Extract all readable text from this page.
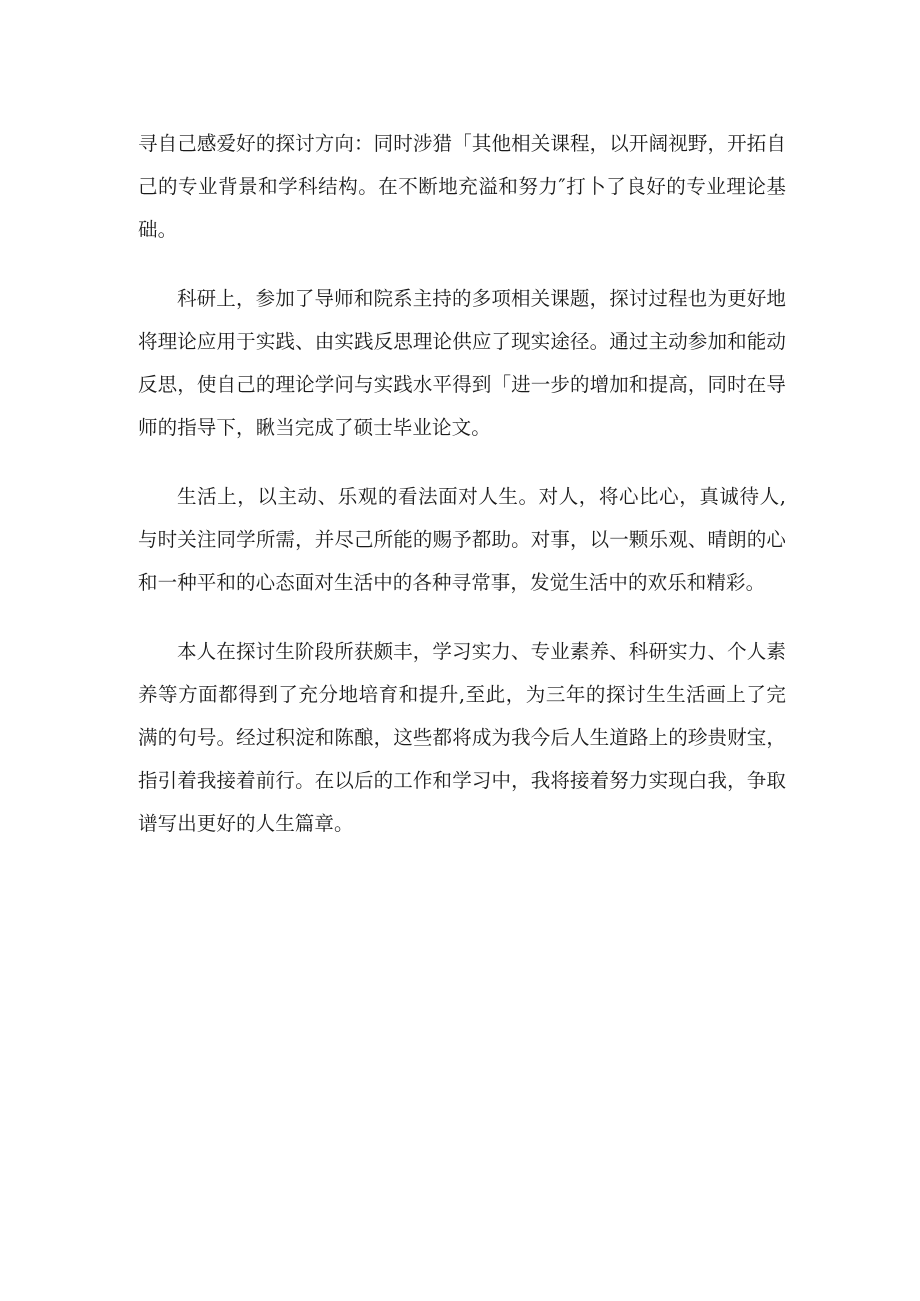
寻自己感爱好的探讨方向：同时涉猎「其他相关课程，以开阔视野，开拓自己的专业背景和学科结构。在不断地充溢和努力″打卜了良好的专业理论基础。

科研上，参加了导师和院系主持的多项相关课题，探讨过程也为更好地将理论应用于实践、由实践反思理论供应了现实途径。通过主动参加和能动反思，使自己的理论学问与实践水平得到「进一步的增加和提高，同时在导师的指导下，瞅当完成了硕士毕业论文。

生活上，以主动、乐观的看法面对人生。对人，将心比心，真诚待人,与时关注同学所需，并尽己所能的赐予都助。对事，以一颗乐观、晴朗的心和一种平和的心态面对生活中的各种寻常事，发觉生活中的欢乐和精彩。

本人在探讨生阶段所获颇丰，学习实力、专业素养、科研实力、个人素养等方面都得到了充分地培育和提升,至此，为三年的探讨生生活画上了完满的句号。经过积淀和陈酿，这些都将成为我今后人生道路上的珍贵财宝，指引着我接着前行。在以后的工作和学习中，我将接着努力实现白我，争取谱写出更好的人生篇章。
